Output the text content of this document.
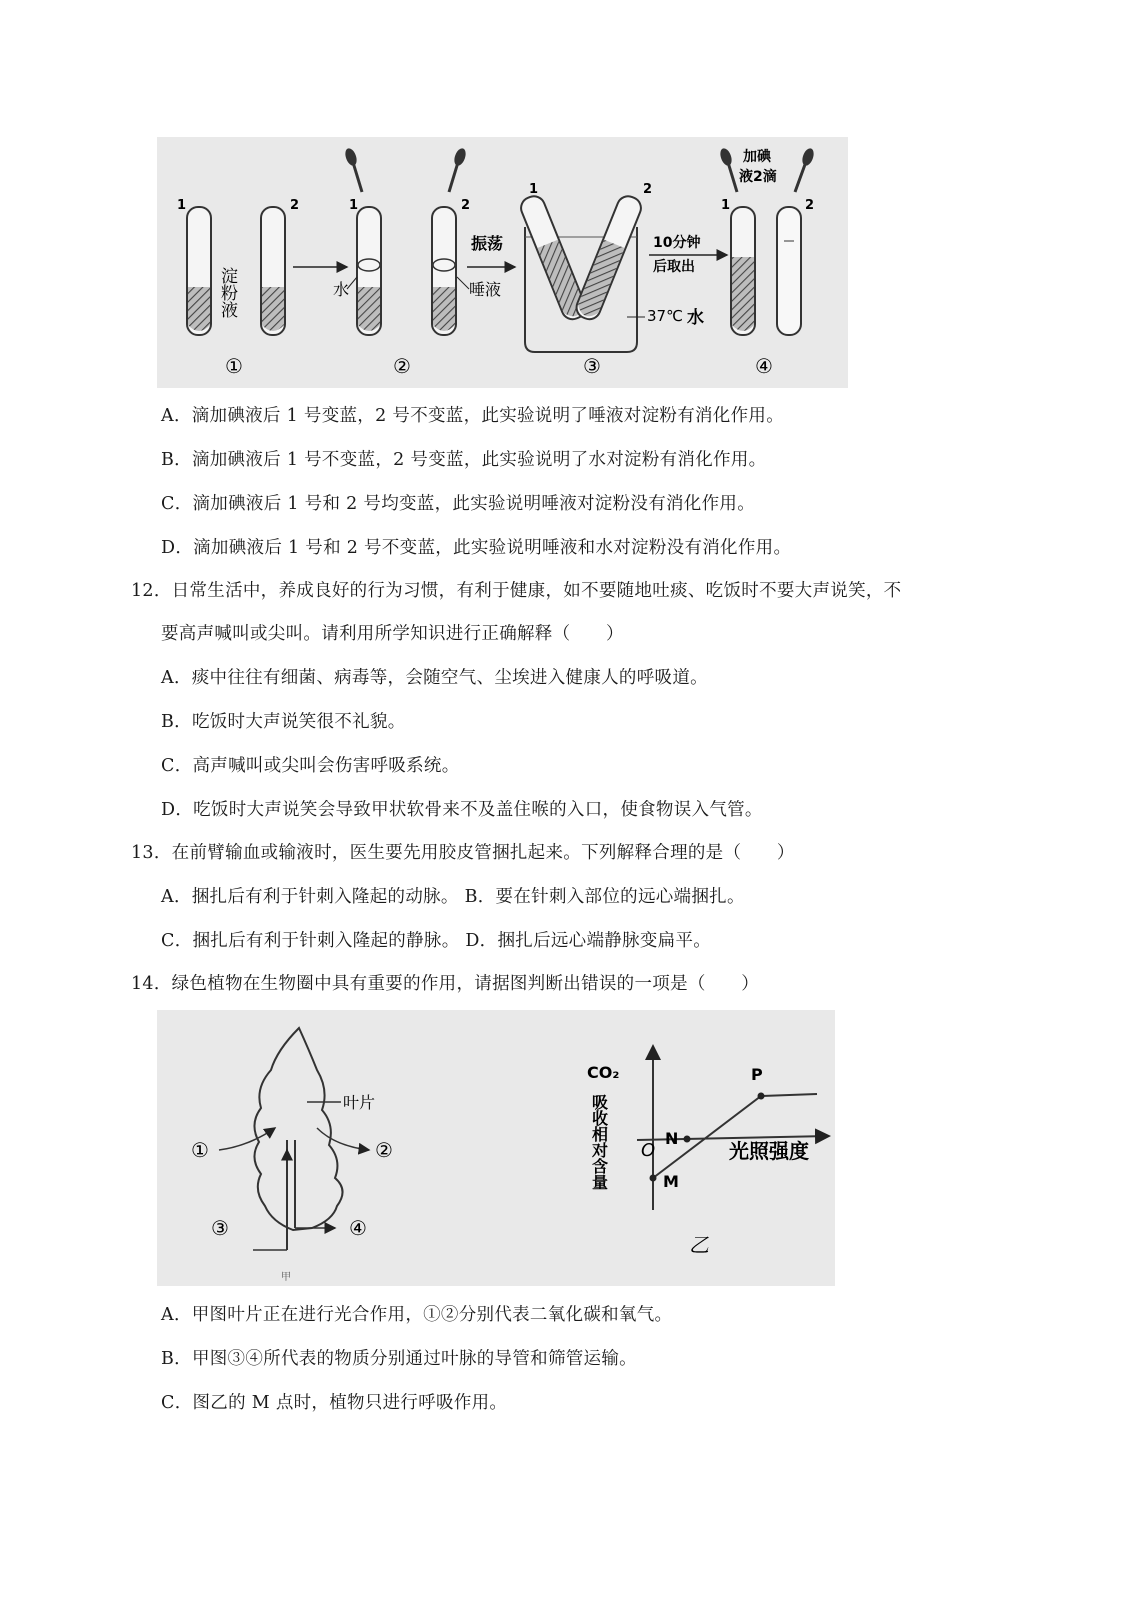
1	2
淀粉液
1	2
水	唾液
振荡
1	2
37℃ 水
10分钟
后取出
1	2
加碘
液2滴
①	②	③	④
A．滴加碘液后 1 号变蓝，2 号不变蓝，此实验说明了唾液对淀粉有消化作用。
B．滴加碘液后 1 号不变蓝，2 号变蓝，此实验说明了水对淀粉有消化作用。
C．滴加碘液后 1 号和 2 号均变蓝，此实验说明唾液对淀粉没有消化作用。
D．滴加碘液后 1 号和 2 号不变蓝，此实验说明唾液和水对淀粉没有消化作用。
12．日常生活中，养成良好的行为习惯，有利于健康，如不要随地吐痰、吃饭时不要大声说笑，不
要高声喊叫或尖叫。请利用所学知识进行正确解释（　　）
A．痰中往往有细菌、病毒等，会随空气、尘埃进入健康人的呼吸道。
B．吃饭时大声说笑很不礼貌。
C．高声喊叫或尖叫会伤害呼吸系统。
D．吃饭时大声说笑会导致甲状软骨来不及盖住喉的入口，使食物误入气管。
13．在前臂输血或输液时，医生要先用胶皮管捆扎起来。下列解释合理的是（　　）
A．捆扎后有利于针刺入隆起的动脉。 B．要在针刺入部位的远心端捆扎。
C．捆扎后有利于针刺入隆起的静脉。 D．捆扎后远心端静脉变扁平。
14．绿色植物在生物圈中具有重要的作用，请据图判断出错误的一项是（　　）
叶片
①	②
③	④
甲
CO₂
吸收相对含量 O
N
M
P
光照强度
乙
A．甲图叶片正在进行光合作用，①②分别代表二氧化碳和氧气。
B．甲图③④所代表的物质分别通过叶脉的导管和筛管运输。
C．图乙的 M 点时，植物只进行呼吸作用。
